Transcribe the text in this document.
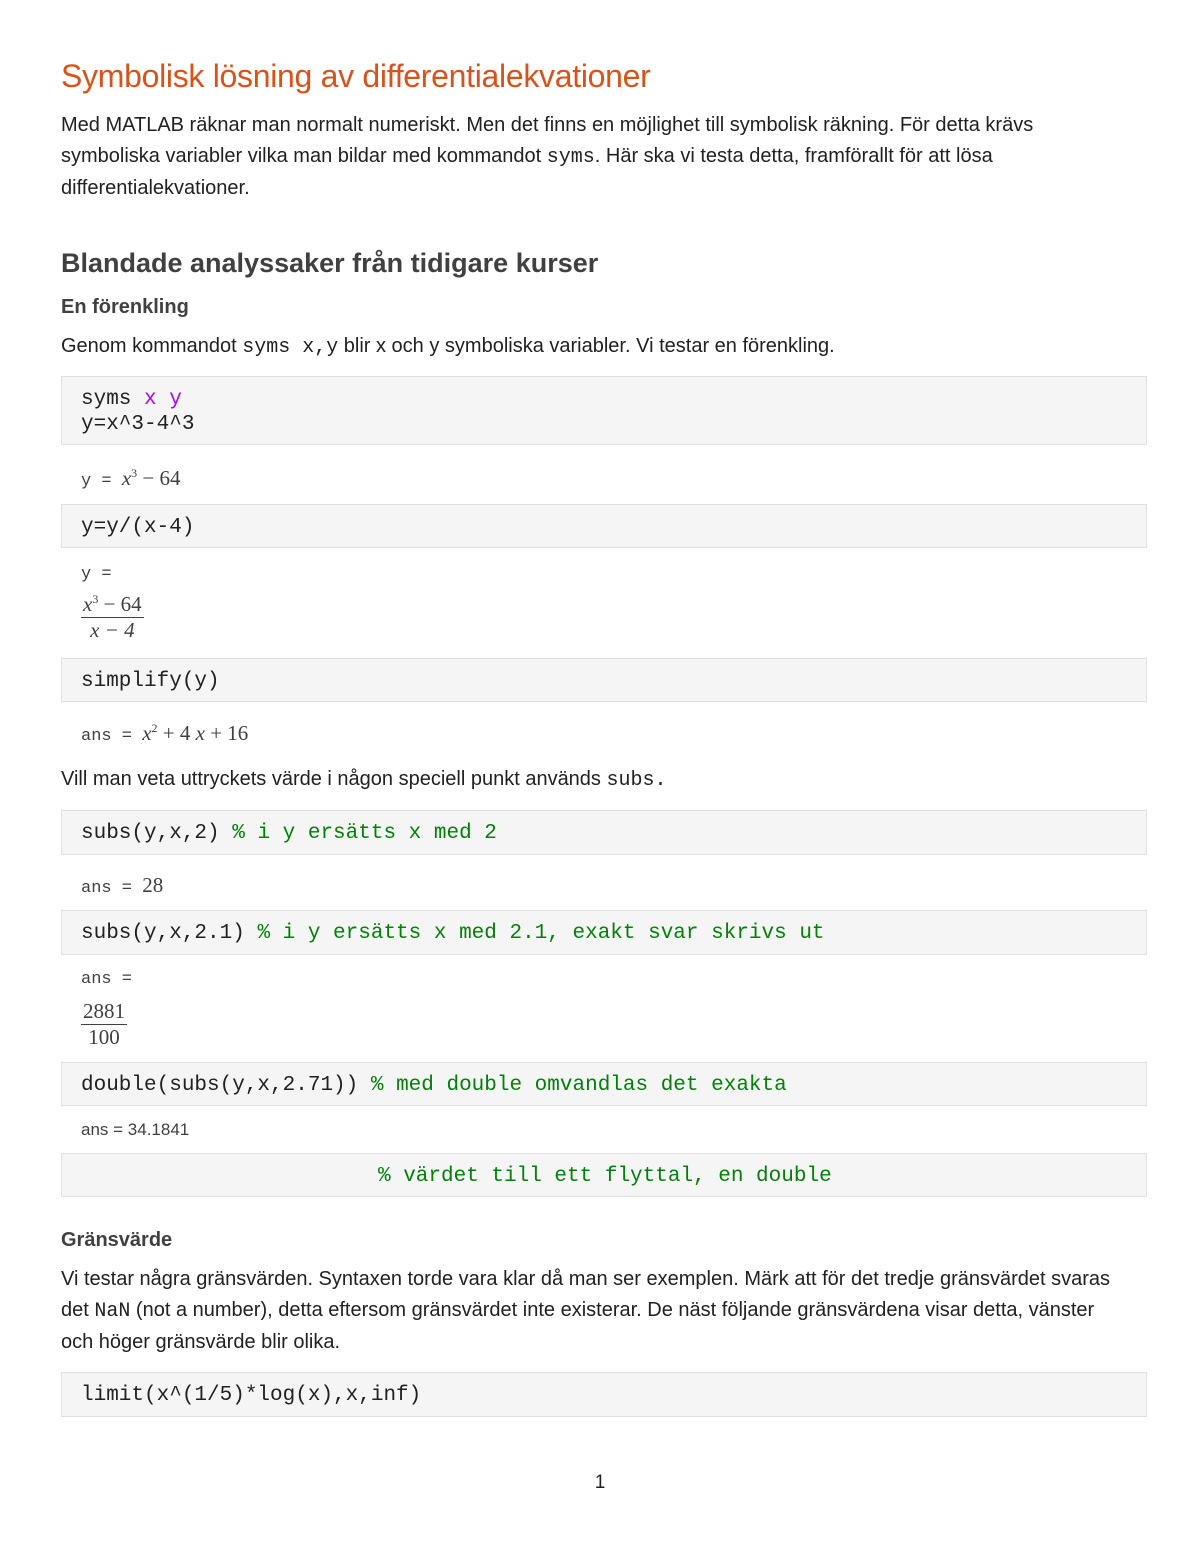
Symbolisk lösning av differentialekvationer

Med MATLAB räknar man normalt numeriskt. Men det finns en möjlighet till symbolisk räkning. För detta krävs symboliska variabler vilka man bildar med kommandot syms. Här ska vi testa detta, framförallt för att lösa differentialekvationer.

Blandade analyssaker från tidigare kurser
En förenkling

Genom kommandot syms x,y blir x och y symboliska variabler. Vi testar en förenkling.

syms x y
y=x^3-4^3
$y = x^3 - 64$
y=y/(x-4)
y =
$\frac{x^3 - 64}{x - 4}$
simplify(y)
ans = $x^2 + 4$ x + 16

Vill man veta uttryckets värde i någon speciell punkt används subs.

subs(y,x,2) % i y ersätts x med 2
ans = 28
subs(y,x,2.1) % i y ersätts x med 2.1, exakt svar skrivs ut
ans =
$\frac{2881}{100}$
double(subs(y,x,2.71)) % med double omvandlas det exakta
ans = 34.1841
% värdet till ett flyttal, en double
Gränsvärde

Vi testar några gränsvärden. Syntaxen torde vara klar då man ser exemplen. Märk att för det tredje gränsvärdet svaras det NaN (not a number), detta eftersom gränsvärdet inte existerar. De näst följande gränsvärdena visar detta, vänster och höger gränsvärde blir olika.

limit(x^(1/5)*log(x),x,inf)
1
